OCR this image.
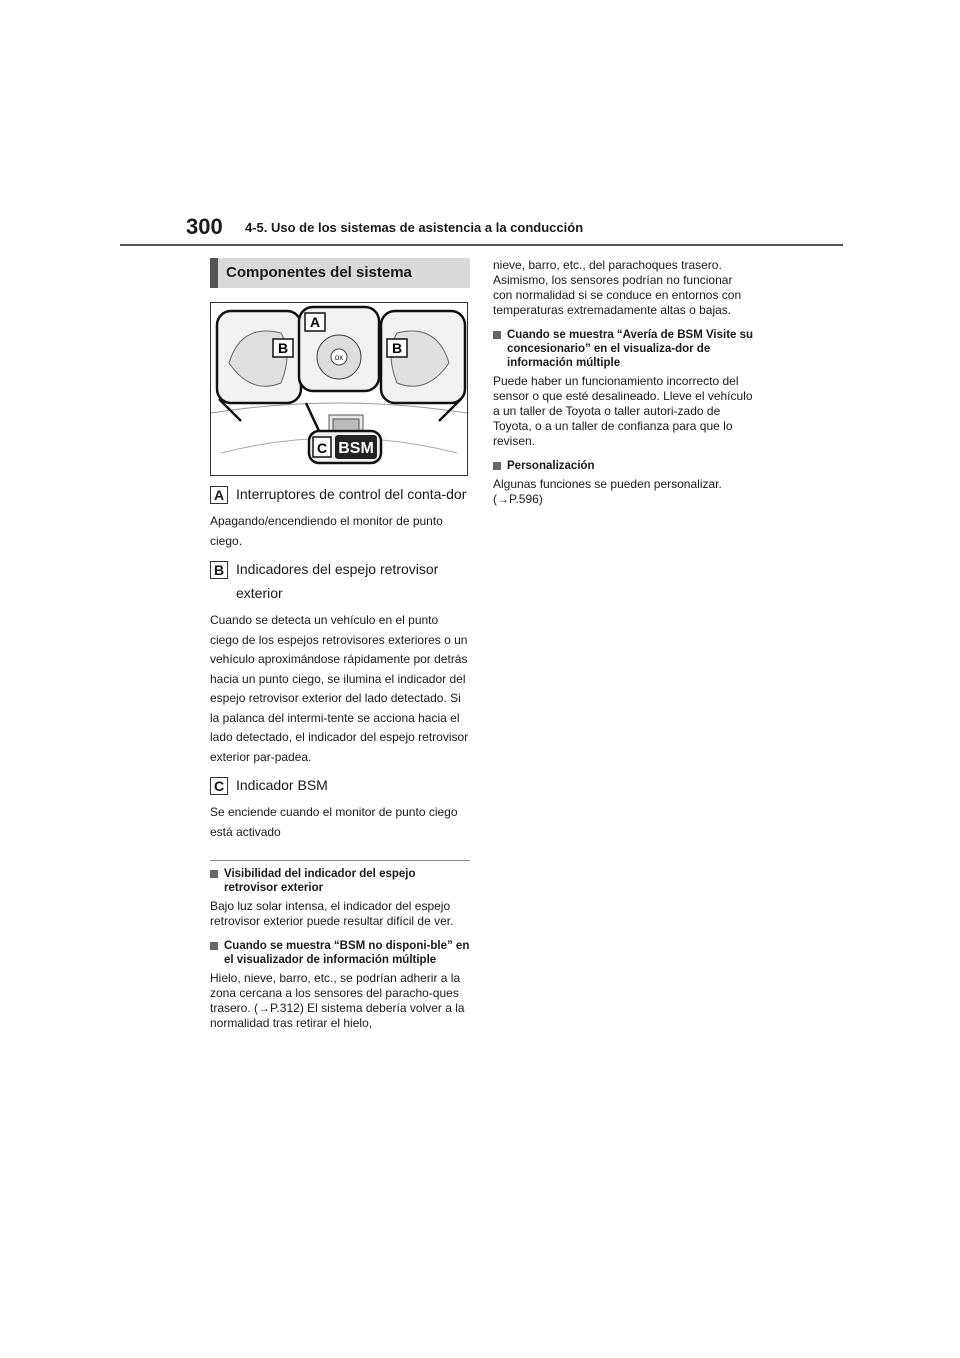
300 4-5. Uso de los sistemas de asistencia a la conducción
Componentes del sistema
OK
A
B	B
C BSM
A Interruptores de control del conta-dor
Apagando/encendiendo el monitor de punto ciego.
B Indicadores del espejo retrovisor exterior
Cuando se detecta un vehículo en el punto ciego de los espejos retrovisores exteriores o un vehículo aproximándose rápidamente por detrás hacia un punto ciego, se ilumina el indicador del espejo retrovisor exterior del lado detectado. Si la palanca del intermi-tente se acciona hacia el lado detectado, el indicador del espejo retrovisor exterior par-padea.
C Indicador BSM
Se enciende cuando el monitor de punto ciego está activado
Visibilidad del indicador del espejo retrovisor exterior
Bajo luz solar intensa, el indicador del espejo retrovisor exterior puede resultar difícil de ver.
Cuando se muestra “BSM no disponi-ble” en el visualizador de información múltiple
Hielo, nieve, barro, etc., se podrían adherir a la zona cercana a los sensores del paracho-ques trasero. (→P.312) El sistema debería volver a la normalidad tras retirar el hielo,
nieve, barro, etc., del parachoques trasero. Asimismo, los sensores podrían no funcionar con normalidad si se conduce en entornos con temperaturas extremadamente altas o bajas.
Cuando se muestra “Avería de BSM Visite su concesionario” en el visualiza-dor de información múltiple
Puede haber un funcionamiento incorrecto del sensor o que esté desalineado. Lleve el vehículo a un taller de Toyota o taller autori-zado de Toyota, o a un taller de confianza para que lo revisen.
Personalización
Algunas funciones se pueden personalizar. (→P.596)
